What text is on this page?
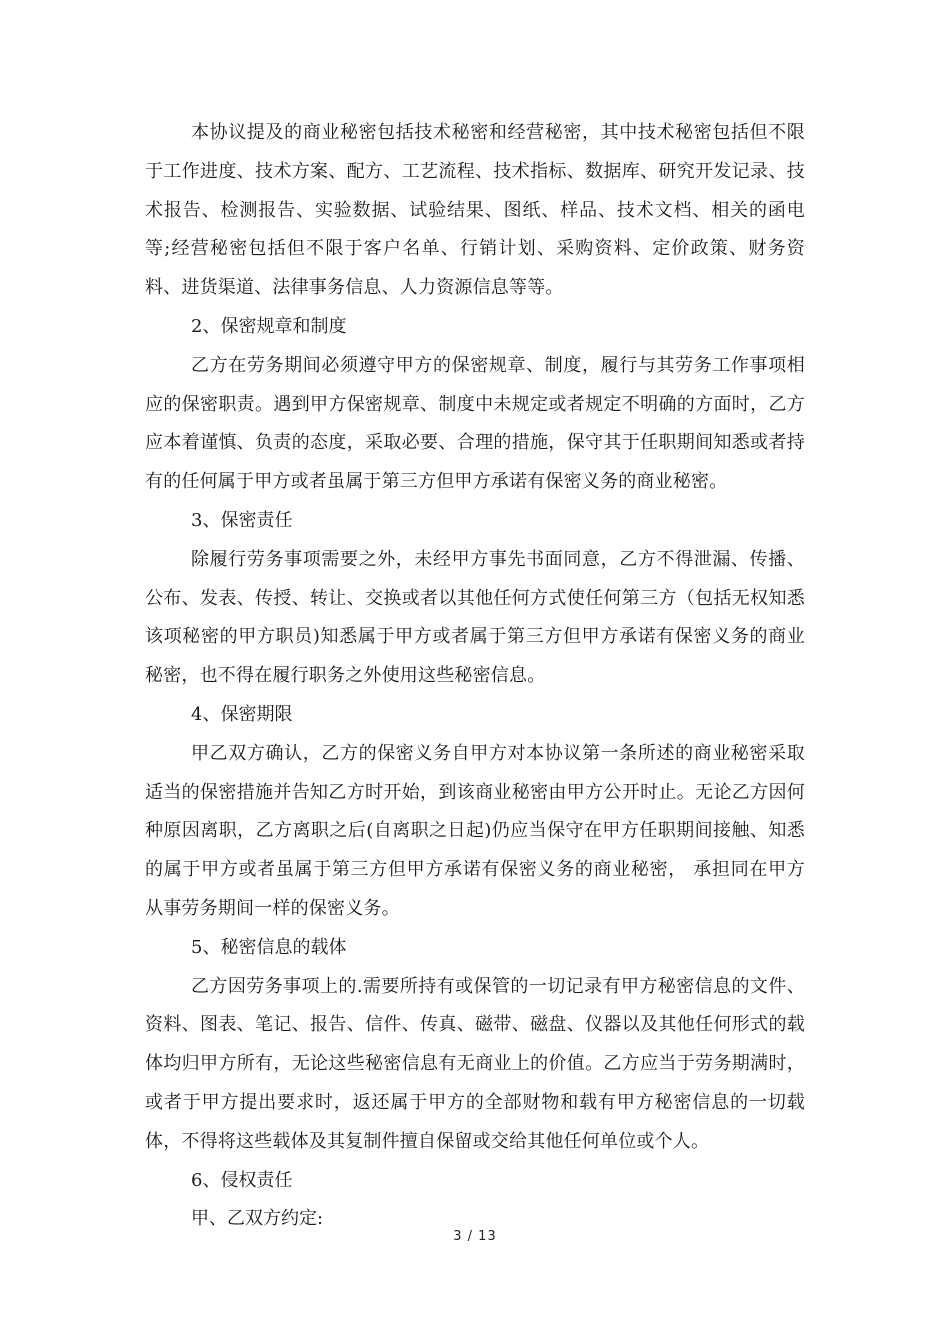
本协议提及的商业秘密包括技术秘密和经营秘密，其中技术秘密包括但不限于工作进度、技术方案、配方、工艺流程、技术指标、数据库、研究开发记录、技术报告、检测报告、实验数据、试验结果、图纸、样品、技术文档、相关的函电等;经营秘密包括但不限于客户名单、行销计划、采购资料、定价政策、财务资料、进货渠道、法律事务信息、人力资源信息等等。

2、保密规章和制度

乙方在劳务期间必须遵守甲方的保密规章、制度，履行与其劳务工作事项相应的保密职责。遇到甲方保密规章、制度中未规定或者规定不明确的方面时，乙方应本着谨慎、负责的态度，采取必要、合理的措施，保守其于任职期间知悉或者持有的任何属于甲方或者虽属于第三方但甲方承诺有保密义务的商业秘密。

3、保密责任

除履行劳务事项需要之外，未经甲方事先书面同意，乙方不得泄漏、传播、公布、发表、传授、转让、交换或者以其他任何方式使任何第三方（包括无权知悉该项秘密的甲方职员)知悉属于甲方或者属于第三方但甲方承诺有保密义务的商业秘密，也不得在履行职务之外使用这些秘密信息。

4、保密期限

甲乙双方确认，乙方的保密义务自甲方对本协议第一条所述的商业秘密采取适当的保密措施并告知乙方时开始，到该商业秘密由甲方公开时止。无论乙方因何种原因离职，乙方离职之后(自离职之日起)仍应当保守在甲方任职期间接触、知悉的属于甲方或者虽属于第三方但甲方承诺有保密义务的商业秘密， 承担同在甲方从事劳务期间一样的保密义务。

5、秘密信息的载体

乙方因劳务事项上的.需要所持有或保管的一切记录有甲方秘密信息的文件、资料、图表、笔记、报告、信件、传真、磁带、磁盘、仪器以及其他任何形式的载体均归甲方所有，无论这些秘密信息有无商业上的价值。乙方应当于劳务期满时，或者于甲方提出要求时，返还属于甲方的全部财物和载有甲方秘密信息的一切载体，不得将这些载体及其复制件擅自保留或交给其他任何单位或个人。

6、侵权责任

甲、乙双方约定:

3 / 13
